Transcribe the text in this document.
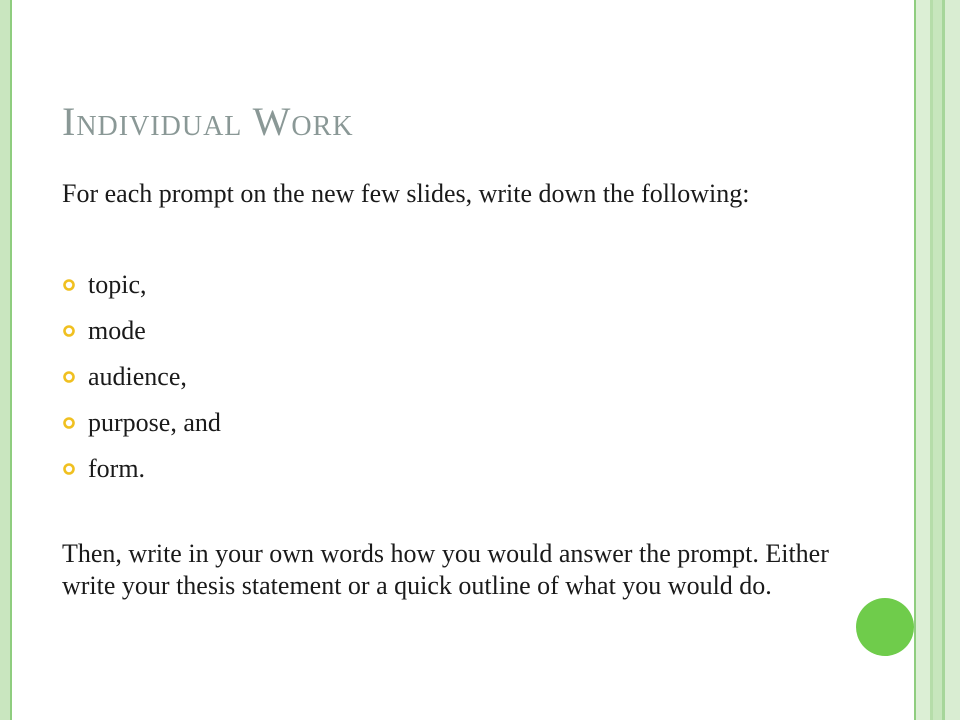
Individual Work
For each prompt on the new few slides, write down the following:
topic,
mode
audience,
purpose, and
form.
Then, write in your own words how you would answer the prompt. Either write your thesis statement or a quick outline of what you would do.
